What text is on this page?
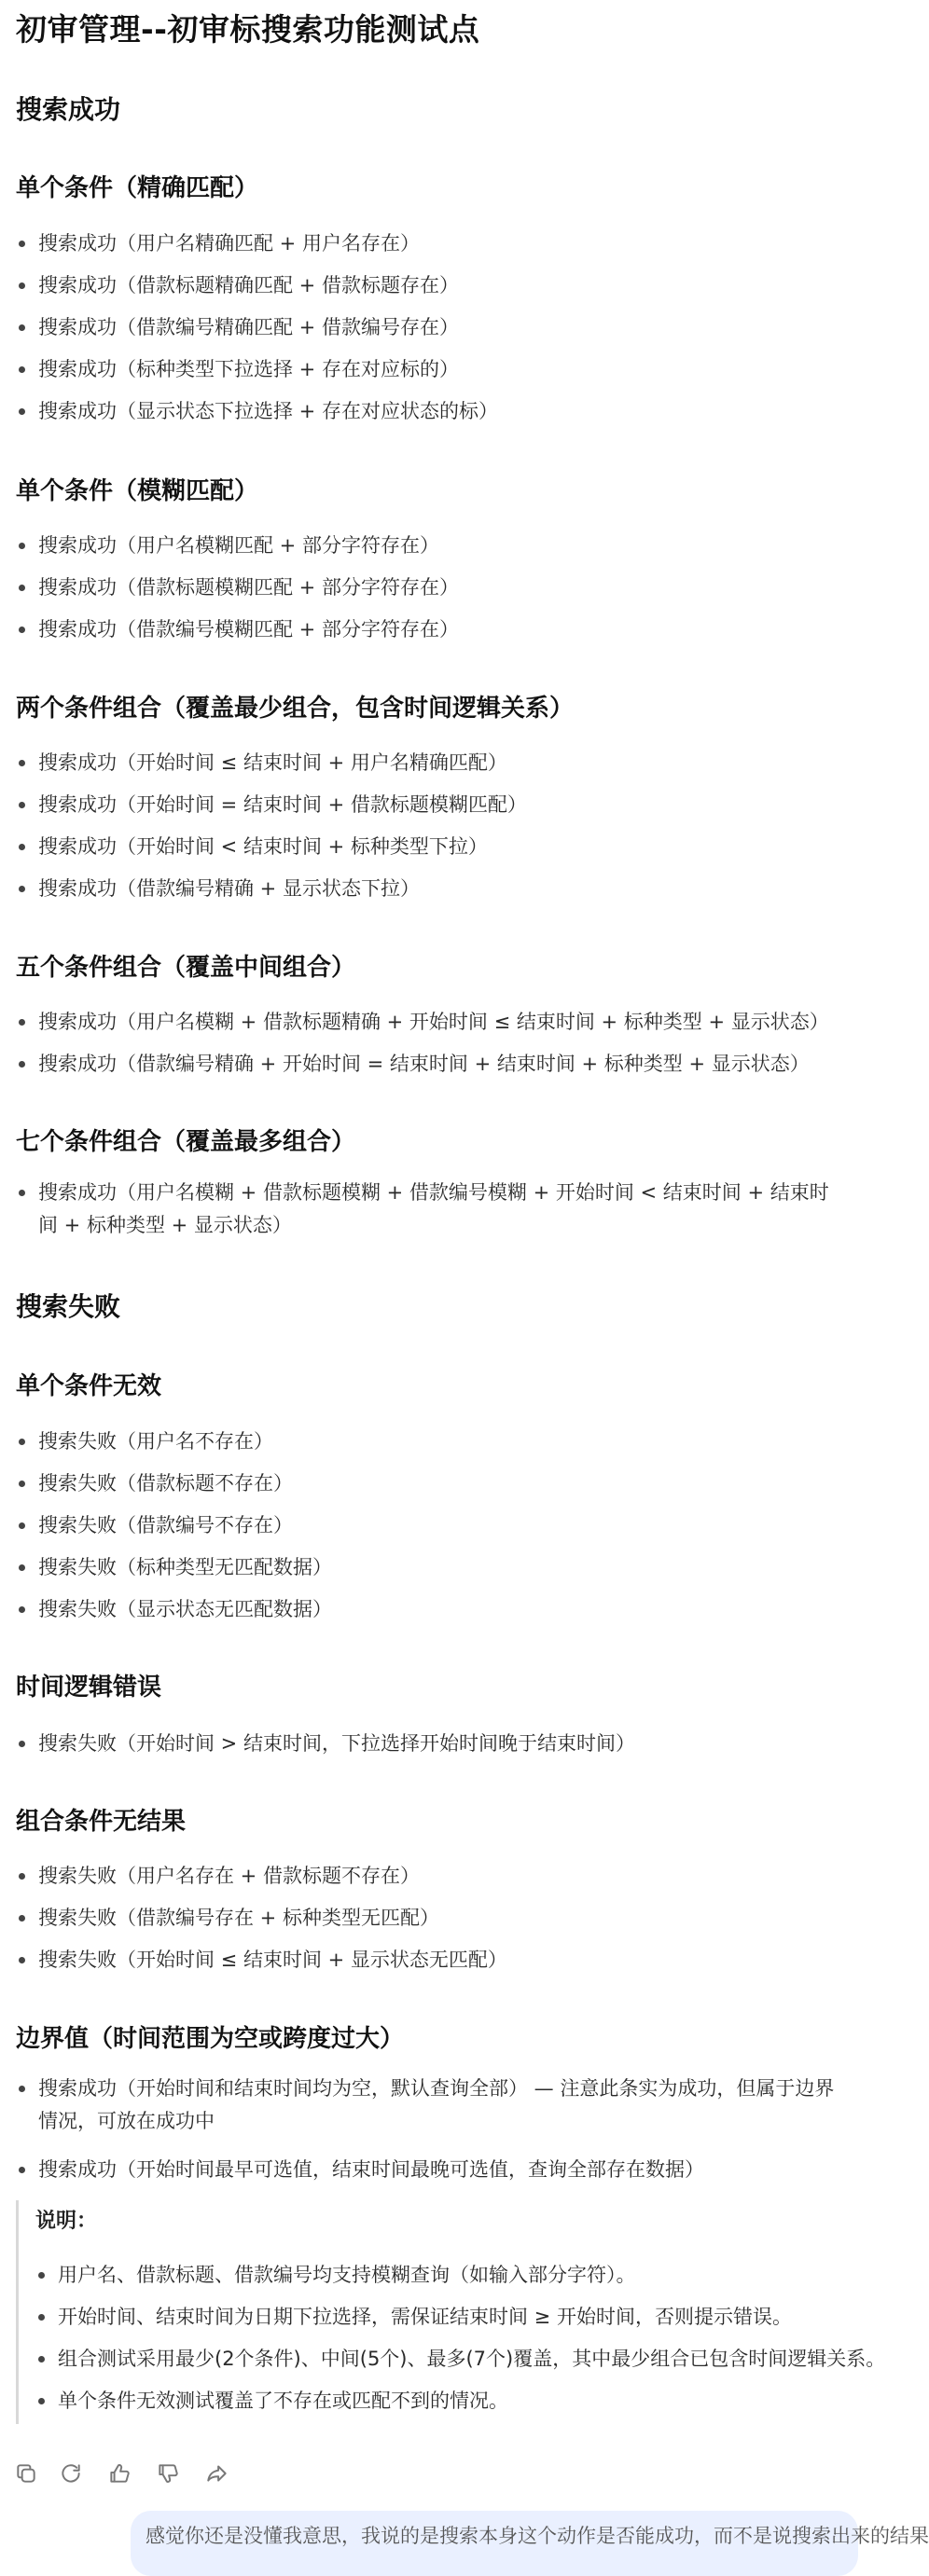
初审管理--初审标搜索功能测试点
搜索成功
单个条件（精确匹配）
搜索成功（用户名精确匹配 + 用户名存在）
搜索成功（借款标题精确匹配 + 借款标题存在）
搜索成功（借款编号精确匹配 + 借款编号存在）
搜索成功（标种类型下拉选择 + 存在对应标的）
搜索成功（显示状态下拉选择 + 存在对应状态的标）
单个条件（模糊匹配）
搜索成功（用户名模糊匹配 + 部分字符存在）
搜索成功（借款标题模糊匹配 + 部分字符存在）
搜索成功（借款编号模糊匹配 + 部分字符存在）
两个条件组合（覆盖最少组合，包含时间逻辑关系）
搜索成功（开始时间 ≤ 结束时间 + 用户名精确匹配）
搜索成功（开始时间 = 结束时间 + 借款标题模糊匹配）
搜索成功（开始时间 < 结束时间 + 标种类型下拉）
搜索成功（借款编号精确 + 显示状态下拉）
五个条件组合（覆盖中间组合）
搜索成功（用户名模糊 + 借款标题精确 + 开始时间 ≤ 结束时间 + 标种类型 + 显示状态）
搜索成功（借款编号精确 + 开始时间 = 结束时间 + 结束时间 + 标种类型 + 显示状态）
七个条件组合（覆盖最多组合）
搜索成功（用户名模糊 + 借款标题模糊 + 借款编号模糊 + 开始时间 < 结束时间 + 结束时间 + 标种类型 + 显示状态）
搜索失败
单个条件无效
搜索失败（用户名不存在）
搜索失败（借款标题不存在）
搜索失败（借款编号不存在）
搜索失败（标种类型无匹配数据）
搜索失败（显示状态无匹配数据）
时间逻辑错误
搜索失败（开始时间 > 结束时间，下拉选择开始时间晚于结束时间）
组合条件无结果
搜索失败（用户名存在 + 借款标题不存在）
搜索失败（借款编号存在 + 标种类型无匹配）
搜索失败（开始时间 ≤ 结束时间 + 显示状态无匹配）
边界值（时间范围为空或跨度过大）
搜索成功（开始时间和结束时间均为空，默认查询全部） — 注意此条实为成功，但属于边界情况，可放在成功中
搜索成功（开始时间最早可选值，结束时间最晚可选值，查询全部存在数据）
说明：
用户名、借款标题、借款编号均支持模糊查询（如输入部分字符）。
开始时间、结束时间为日期下拉选择，需保证结束时间 ≥ 开始时间，否则提示错误。
组合测试采用最少(2个条件)、中间(5个)、最多(7个)覆盖，其中最少组合已包含时间逻辑关系。
单个条件无效测试覆盖了不存在或匹配不到的情况。
感觉你还是没懂我意思，我说的是搜索本身这个动作是否能成功，而不是说搜索出来的结果
